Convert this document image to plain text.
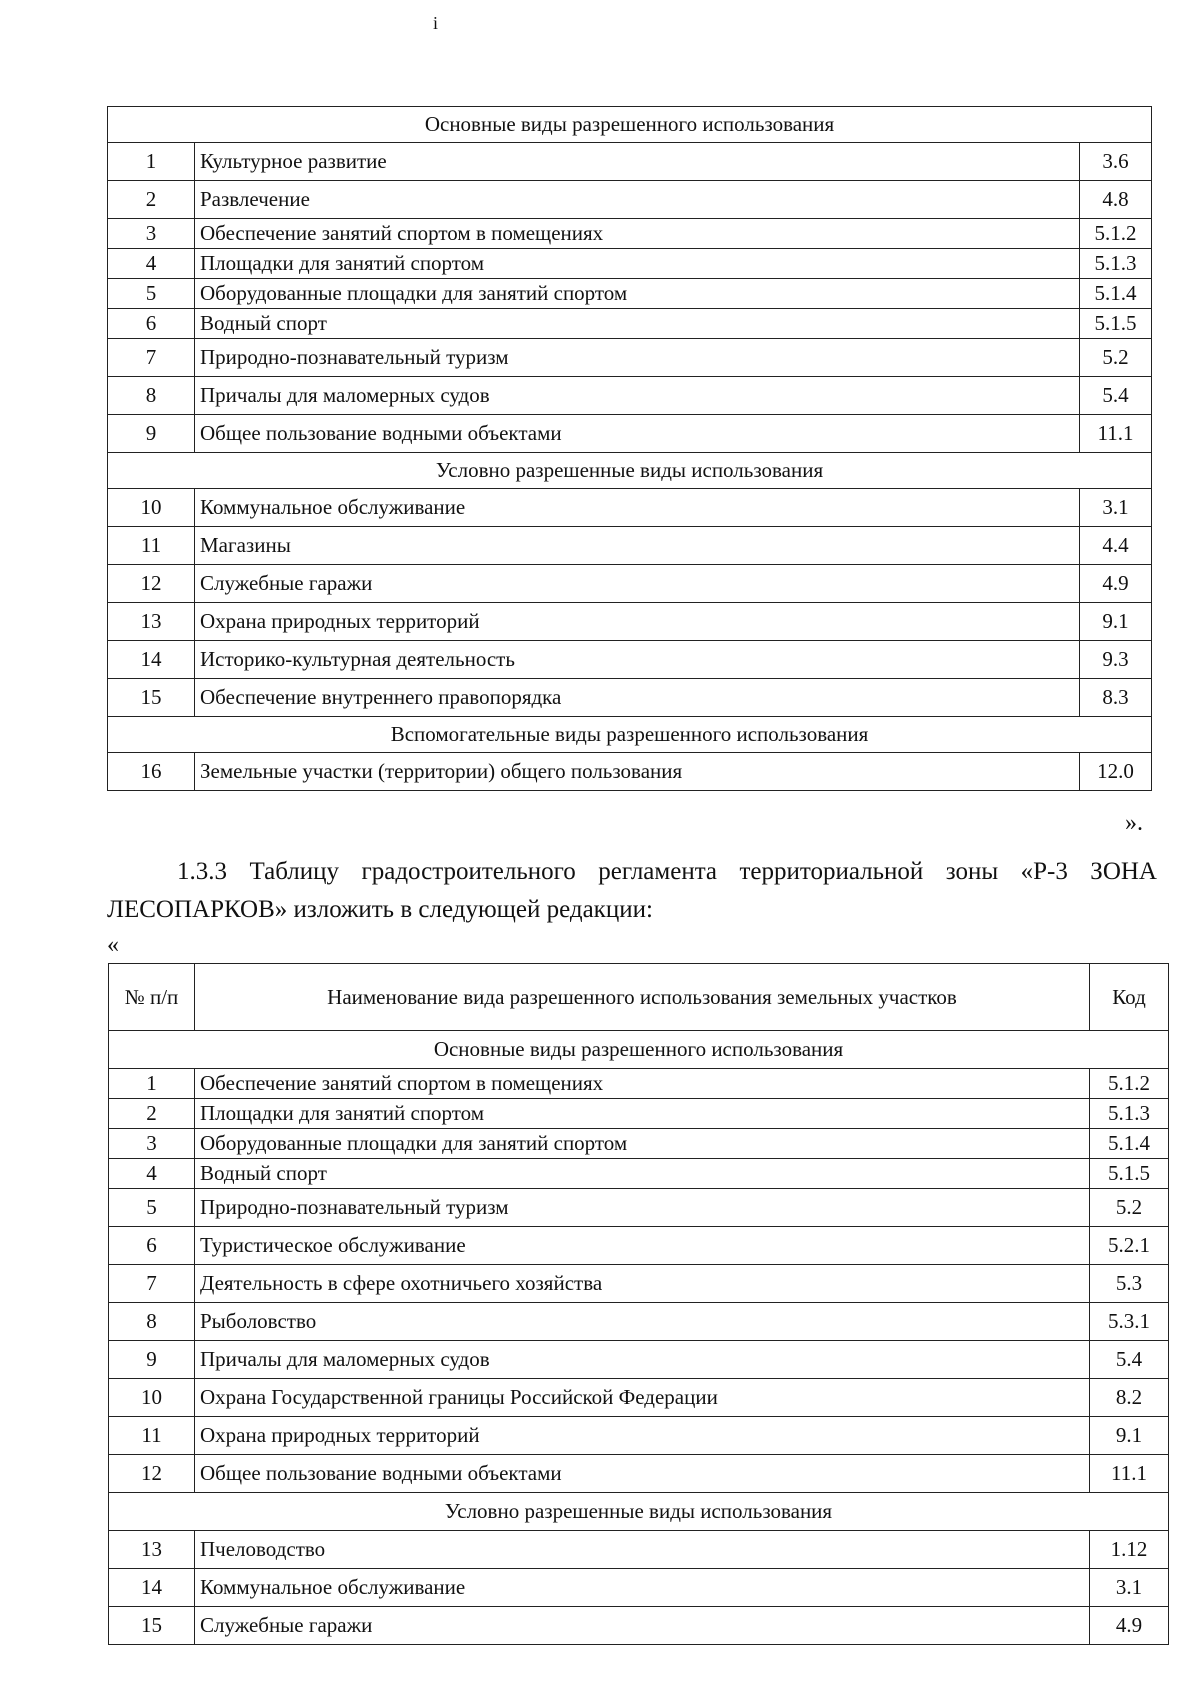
i
Основные виды разрешенного использования		
1	Культурное развитие	3.6
2	Развлечение	4.8
3	Обеспечение занятий спортом в помещениях	5.1.2
4	Площадки для занятий спортом	5.1.3
5	Оборудованные площадки для занятий спортом	5.1.4
6	Водный спорт	5.1.5
7	Природно-познавательный туризм	5.2
8	Причалы для маломерных судов	5.4
9	Общее пользование водными объектами	11.1
Условно разрешенные виды использования		
10	Коммунальное обслуживание	3.1
11	Магазины	4.4
12	Служебные гаражи	4.9
13	Охрана природных территорий	9.1
14	Историко-культурная деятельность	9.3
15	Обеспечение внутреннего правопорядка	8.3
Вспомогательные виды разрешенного использования		
16	Земельные участки (территории) общего пользования	12.0
».
1.3.3 Таблицу градостроительного регламента территориальной зоны «Р-3 ЗОНА ЛЕСОПАРКОВ» изложить в следующей редакции:
«
№ п/п	Наименование вида разрешенного использования земельных участков	Код
Основные виды разрешенного использования		
1	Обеспечение занятий спортом в помещениях	5.1.2
2	Площадки для занятий спортом	5.1.3
3	Оборудованные площадки для занятий спортом	5.1.4
4	Водный спорт	5.1.5
5	Природно-познавательный туризм	5.2
6	Туристическое обслуживание	5.2.1
7	Деятельность в сфере охотничьего хозяйства	5.3
8	Рыболовство	5.3.1
9	Причалы для маломерных судов	5.4
10	Охрана Государственной границы Российской Федерации	8.2
11	Охрана природных территорий	9.1
12	Общее пользование водными объектами	11.1
Условно разрешенные виды использования		
13	Пчеловодство	1.12
14	Коммунальное обслуживание	3.1
15	Служебные гаражи	4.9
